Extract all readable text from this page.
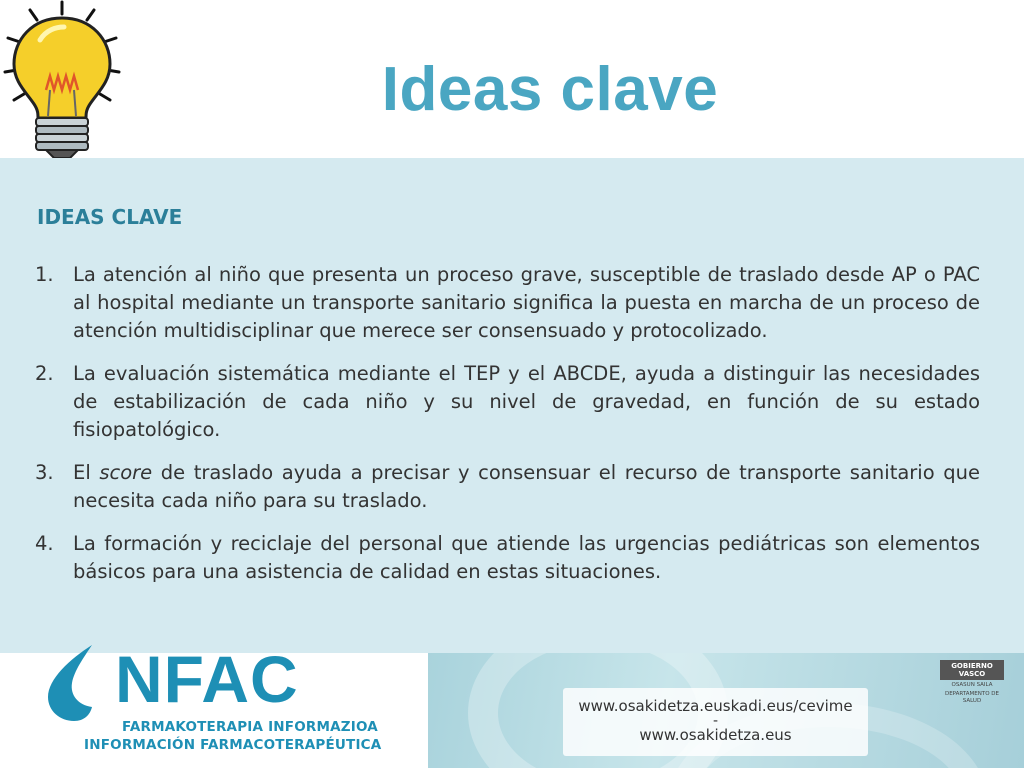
Ideas clave
IDEAS CLAVE
1. La atención al niño que presenta un proceso grave, susceptible de traslado desde AP o PAC al hospital mediante un transporte sanitario significa la puesta en marcha de un proceso de atención multidisciplinar que merece ser consensuado y protocolizado.
2. La evaluación sistemática mediante el TEP y el ABCDE, ayuda a distinguir las necesidades de estabilización de cada niño y su nivel de gravedad, en función de su estado fisiopatológico.
3. El score de traslado ayuda a precisar y consensuar el recurso de transporte sanitario que necesita cada niño para su traslado.
4. La formación y reciclaje del personal que atiende las urgencias pediátricas son elementos básicos para una asistencia de calidad en estas situaciones.
NFAC
FARMAKOTERAPIA INFORMAZIOA
INFORMACIÓN FARMACOTERAPÉUTICA
www.osakidetza.euskadi.eus/cevime
-
www.osakidetza.eus
GOBIERNO VASCO
OSASUN SAILA
DEPARTAMENTO DE SALUD
